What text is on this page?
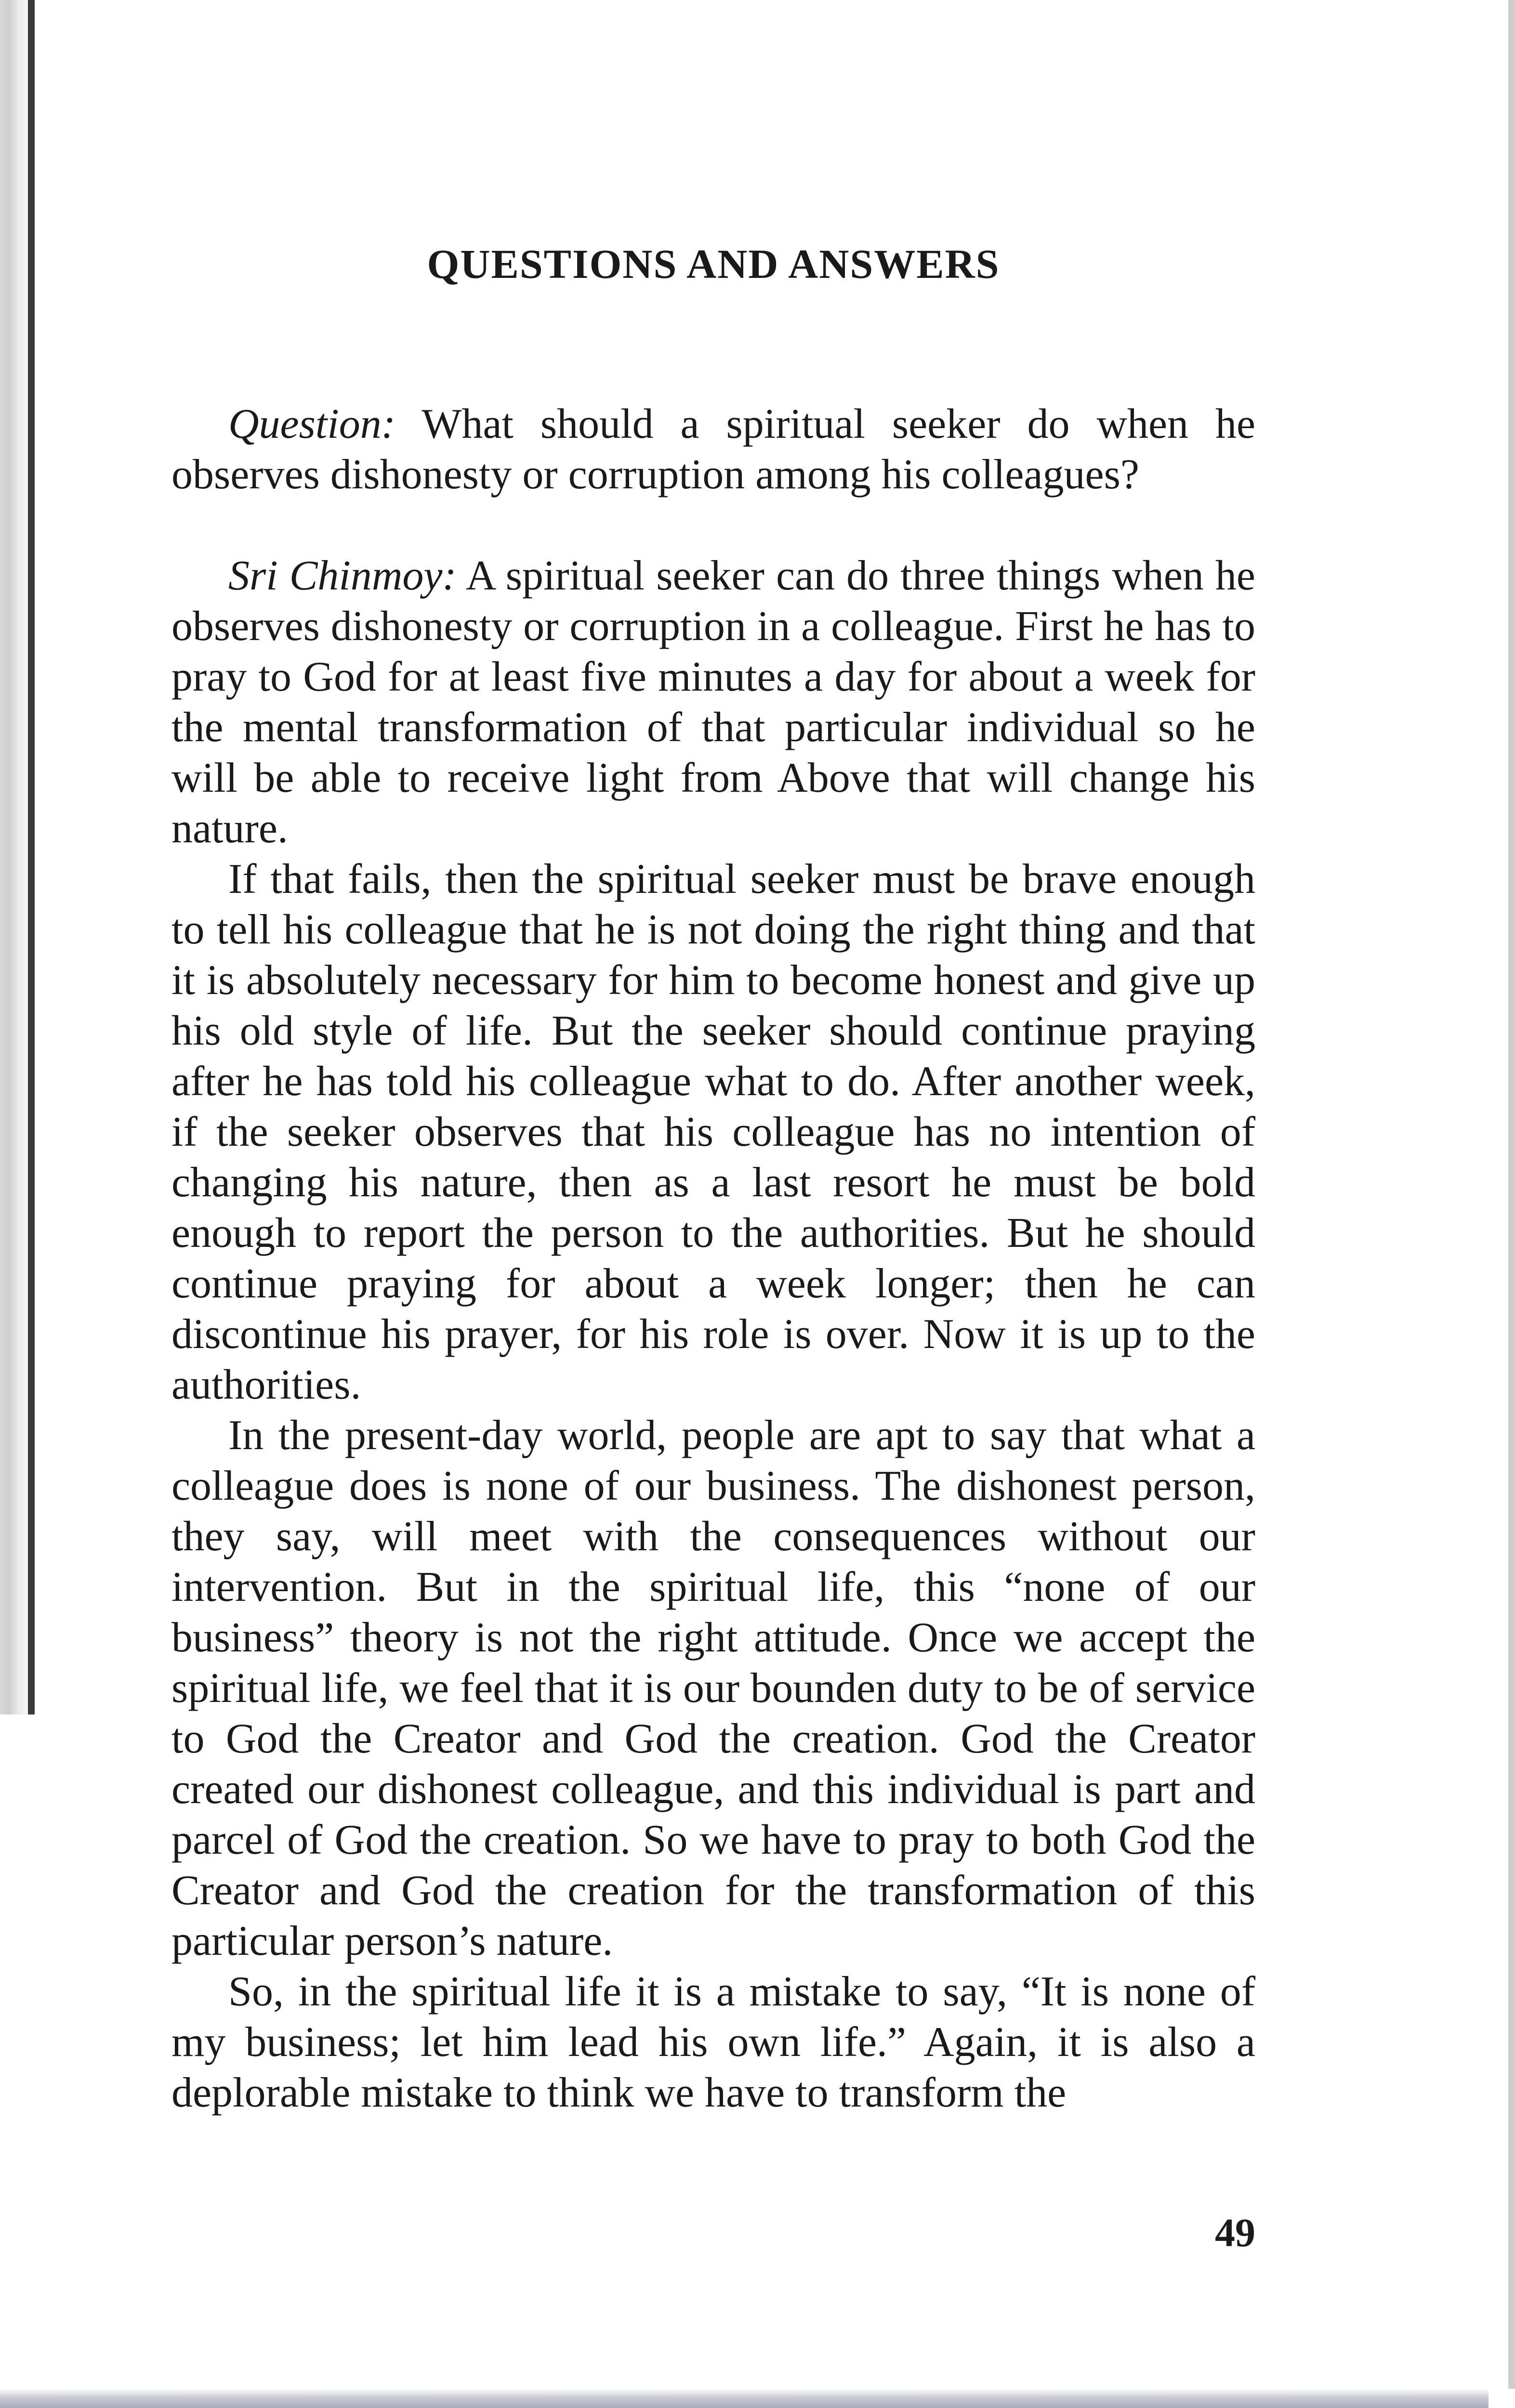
QUESTIONS AND ANSWERS

Question: What should a spiritual seeker do when he observes dishonesty or corruption among his colleagues?

Sri Chinmoy: A spiritual seeker can do three things when he observes dishonesty or corruption in a colleague. First he has to pray to God for at least five minutes a day for about a week for the mental transformation of that particular individual so he will be able to receive light from Above that will change his nature.

If that fails, then the spiritual seeker must be brave enough to tell his colleague that he is not doing the right thing and that it is absolutely necessary for him to become honest and give up his old style of life. But the seeker should continue praying after he has told his colleague what to do. After another week, if the seeker observes that his colleague has no intention of changing his nature, then as a last resort he must be bold enough to report the person to the authorities. But he should continue praying for about a week longer; then he can discontinue his prayer, for his role is over. Now it is up to the authorities.

In the present-day world, people are apt to say that what a colleague does is none of our business. The dishonest person, they say, will meet with the consequences without our intervention. But in the spiritual life, this “none of our business” theory is not the right attitude. Once we accept the spiritual life, we feel that it is our bounden duty to be of service to God the Creator and God the creation. God the Creator created our dishonest colleague, and this individual is part and parcel of God the creation. So we have to pray to both God the Creator and God the creation for the transformation of this particular person’s nature.

So, in the spiritual life it is a mistake to say, “It is none of my business; let him lead his own life.” Again, it is also a deplorable mistake to think we have to transform the

49
